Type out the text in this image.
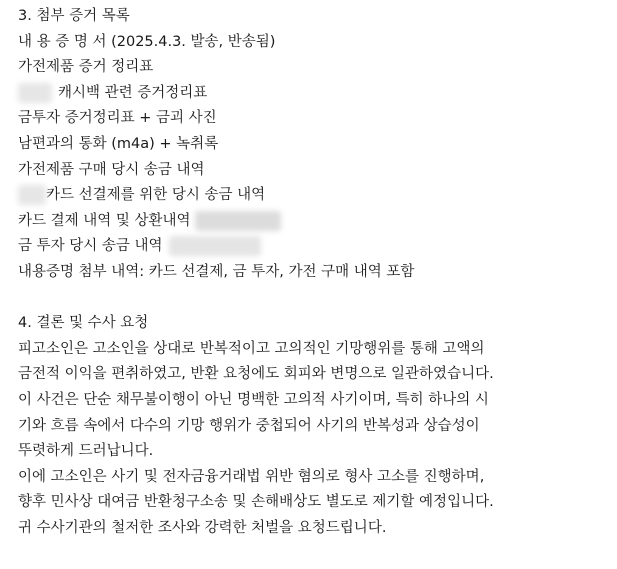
3. 첨부 증거 목록
내 용 증 명 서 (2025.4.3. 발송, 반송됨)
가전제품 증거 정리표
캐시백 관련 증거정리표
금투자 증거정리표 + 금괴 사진
남편과의 통화 (m4a) + 녹취록
가전제품 구매 당시 송금 내역
카드 선결제를 위한 당시 송금 내역
카드 결제 내역 및 상환내역
금 투자 당시 송금 내역
내용증명 첨부 내역: 카드 선결제, 금 투자, 가전 구매 내역 포함
4. 결론 및 수사 요청
피고소인은 고소인을 상대로 반복적이고 고의적인 기망행위를 통해 고액의
금전적 이익을 편취하였고, 반환 요청에도 회피와 변명으로 일관하였습니다.
이 사건은 단순 채무불이행이 아닌 명백한 고의적 사기이며, 특히 하나의 시
기와 흐름 속에서 다수의 기망 행위가 중첩되어 사기의 반복성과 상습성이
뚜렷하게 드러납니다.
이에 고소인은 사기 및 전자금융거래법 위반 혐의로 형사 고소를 진행하며,
향후 민사상 대여금 반환청구소송 및 손해배상도 별도로 제기할 예정입니다.
귀 수사기관의 철저한 조사와 강력한 처벌을 요청드립니다.
